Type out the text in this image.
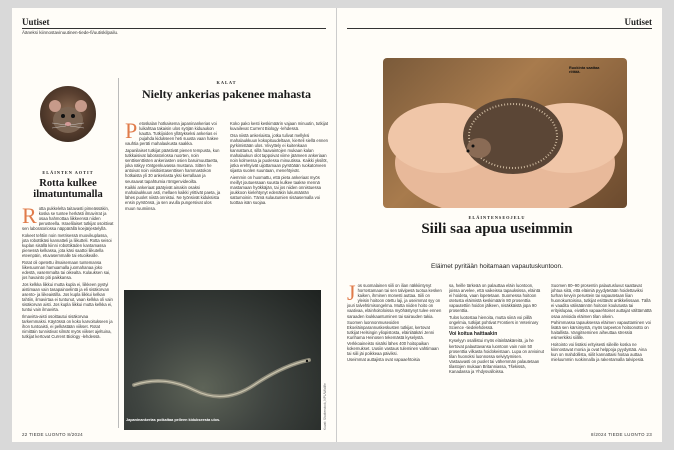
Uutiset
Ääneksi kiinnostavinuutinen-tiede-fi/uutiskilpailu.
ELÄINTEN AOTIT
Rotta kulkee ilmatuntumalla
R otta pukkelelta taitavasti pimeässäkin, koska se tuntee herkästi ilmavirrat ja osaa hahmottaa liikkeensä niiden perusteella. Israelilaiset tutkijat osoittivat sen laboratoriossa näppärällä koejärjestelyllä.

Kokeet tehtiin noin metrisessä muovikuplassa, jota robottikäsi kannatteli ja liikutteli. Rotta seisoi kuplan sisällä kiinni robottikäden kantamassa pienessä kelkassa, jota käsi saattoi liikutella eteenpäin, etuvasemmalle tai etuoikealle.

Rotat oli opetettu ilmaisemaan tuntemansa liikesuunnan hamuamalla juomahanaa joko edestä, vasemmalta tai oikealta. Kulauksen sai, jos havainto piti paikkansa.

Jos kelkka liikkui mutta kupla ei, liikkeen pystyi aistimaan vain tasapainoelintä ja eli sisäkorvan asento- ja liikeaistilla. Jos kupla liikkui kelkan tahtiin, ilmavirtaa ei tuntunut, vaan kelkka oli vain sisäkorvan aisti. Jos kupla liikkui mutta kelkka ei, tuntui vain ilmavirta.

Ilmavirta-aisti osoittautui sisäkorvaa tarkemmaksi. Käytössä on koko karvoitukseen ja ihon tuntoaisti, ei pelkästään viikset. Rotat nimittäin tunnistivat silmät myös viikset ajeltuina, tutkijat kertovat Current Biology -lehdessä.

KALAT
Nielty ankerias pakenee mahasta
P etoskalan hotkaisema japaninankerias voi luikahtaa takaisin ulos syöjän kiduaukon kautta. Tutkijoiden yllätykseksi ankerias ei pujahda kidukseen heti suusta vaan hakee vauhtia peräti mahalaukusta saakka.

Japanilaiset tutkijat päästivät pienen tempusta, kun tutkkaisivat laboratoriossa nuorten, noin senttisenttisten ankeriasten osien baruimuuttaetta, joka näkyy röntgenkuvassa mustana. Sitten he antoivat noin viisitoistasenttisen hammastokon hotkaista yli 30 ankeriasta yksi kerrallaan ja seuraavat tapahtumia röntgenvideoilta.

Kaikki ankeriaat päätyivät ainakin osaksi mahalaukkuun asti, mellaen kaikki yrittivät paeta, ja lähes puolet niistä onnistui. Ne työnsivät kiduksista ensin pyrstönsä, ja sen avulla pungersivat ulos muun ruumiinsa.

Koko pako kesti keskimäärin vajaan minuutin, tutkijat kuvailevat Current Biology -lehdessä.

Osa niistä ankeriaista, jotka tulivat mellyksi mahalaukkuun kokopituudeltaan, kierteli siellä ennen pyrkimistään ulos. Viivyttely ei kuitenkaan kannattanut, sillä haavaintojen mukaan kalan mahalaukun olot tappoivat viime jäämeen ankeriaan noin kolmessa ja puolessa minuutissa. Kaikki yksilöt, jotka erehtyivät uijottamaan pyrstöään ruokatorveen sijasta suolen suuntaan, menehtyivät.

Aiemmin on huomattu, että pieta ankeriaat myös meillyt joutuessaan suusta kulkee taakse mennä mastamaan hyökkäjän, tai jos niiden onnistuessa joukkoon kielehtynyt edenäkin lukumäärän sattumoinin. Tämä sulautumien sisäasemalla voi tuottaa isän suojaa.

Japaninankerias poikaltaa pelleen kidukseesta ulos.	Kuvat: Shutterstock, NPL/Wildlife
22 TIEDE LUONTO 8/2024
Uutiset
Ruokinta saattaa riittää.
ELÄINTENSEOJELU
Siili saa apua useimmin
Eläimet pyritään hoitamaan vapautuskuntoon.
J os suomalainen siili on ilian näkkiintynyt horrostamaan tai sen talvipesä tuotua kesken kaiken, ihminen monesti auttaa. Siili on yleisin hoitoon otettu laji, ja useimmat syy on jouri talvehtimisongelma. Mutta niiden hoito on vaativaa, eläinhoitoloissa myöhästynyt tulee ennen saraaden loukkaantuminen tai sairauden takia.

Suomen luonnonmuseoiden Ekoeläinparannuskeskusten tutkijat, kertovat tutkijat Helsingin yliopistosta, eläinlääkäri Jenni Kurihama Heinosen tekemästä kyselystä. Verkkoaineisto sisälsi lähes 400 hoitopaikan kokemukset. Uusiin vastaus tuleminen vahtimaan tai siili jäi poikkeaa päiviksi.

Useimmat auttajista ovat vapaaehtoisia

sa, heille tärkeää on palauttaa eläin luontoon, joissa arvelee, että vaikeissa tapauksissa, eläintä ei hoideta, vaan lopetetaan. Suomessa hoitoon otetusta eläimistä keskimäärin 80 prosenttia vapautettiin hoidon jälkeen, nisäkkäistä jopa 90 prosenttia.

Tulos luotostaa hienoita, mutta siinä voi piillä ongelmia, tutkijat pohtivat Frontiers in Veterinary Science -tiedelehdessä.

Voi koitua haittaakin

Kyselyyn osallistui myös eläinlääkäreitä, ja he kertovat palauttavansa luontoon vain noin 50 prosenttia vilkasta hoidokeistaan. Lupa on arvioinut tilan huonoksi luonnossa selviytymisen. Vastaavasti on puolet tai vähemmän palautetaan tilastojen mukaan Britanniassa, Tšekissä, Kanadassa ja Yhdysvalloissa.

Suomen 80–90 prosentin palautusluvut saattavat johtua siitä, että eläimiä pyydytetään hoidettaviksi turhan kevyin perustein tai vapautetaan liian huonokuntoisina, tutkijat esittävät artikkelissaan. Tällä ei vaadita välisäännön hoitoon koulutusta tai erityislupaa, eivätkä vapaaehtoiset auttajat välttämättä osaa arvioida eläimen tilan oikein.

Pahimmassa tapauksessa eläimen vapauttaminen voi lisätä sen kärsimystä, myös tarpeeton hoitoonotto on haitallista. Vangitseminen aiheuttaa stressiä esimerkiksi siilille.

Hoitointo voi lisäksi erityisesti siileille koska ne kiinnostavat monia ja ovat helppoja pyydystää. Aina kun on mahdollista, siilit kannattaisi hoitaa auttaa mieluummin ruokinnalla ja rakentamalla talvipesiä.

8/2024 TIEDE LUONTO 23
